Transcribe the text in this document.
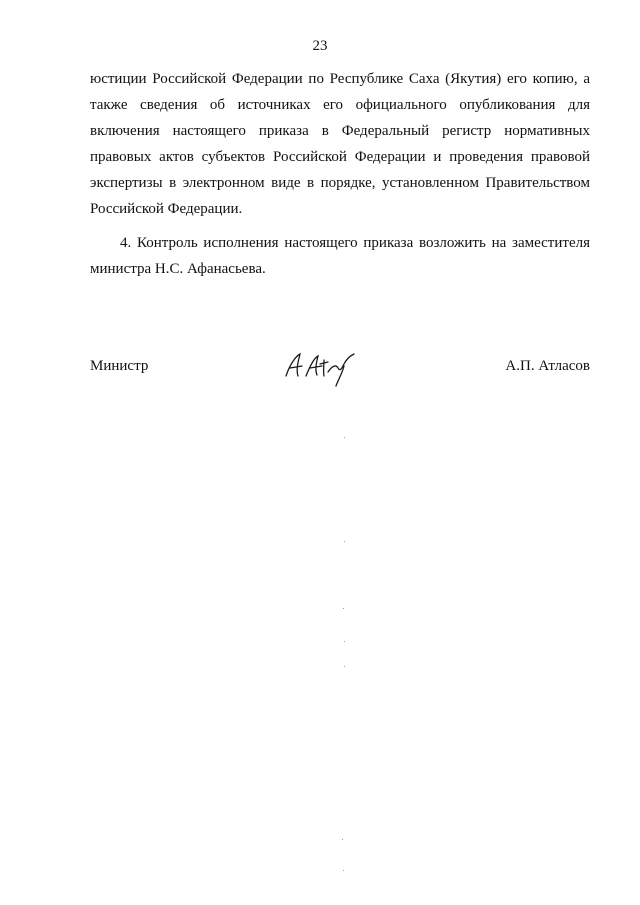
23

юстиции Российской Федерации по Республике Саха (Якутия) его копию, а

также сведения об источниках его официального опубликования для

включения настоящего приказа в Федеральный регистр нормативных

правовых актов субъектов Российской Федерации и проведения правовой

экспертизы в электронном виде в порядке, установленном Правительством

Российской Федерации.

4. Контроль исполнения настоящего приказа возложить на заместителя

министра Н.С. Афанасьева.

Министр	А.П. Атласов
